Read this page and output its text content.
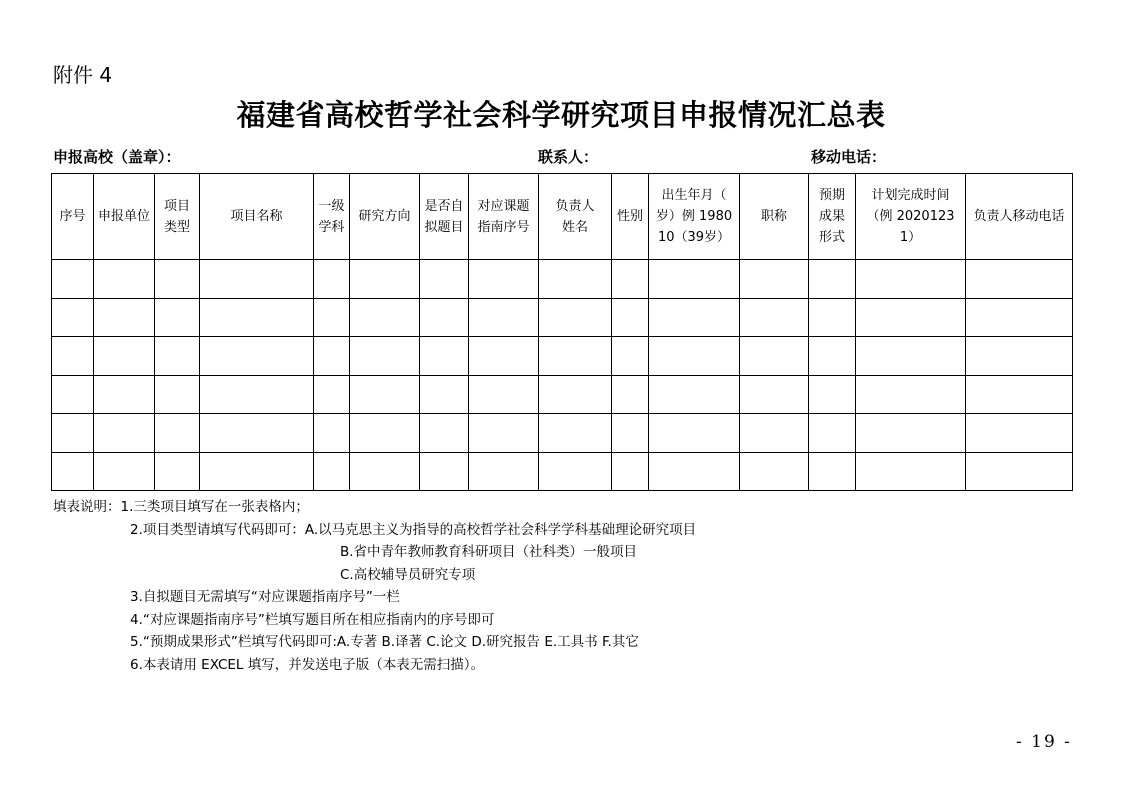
附件 4
福建省高校哲学社会科学研究项目申报情况汇总表
申报高校（盖章）：	联系人：	移动电话：
序号	申报单位	项目类型	项目名称	一级学科	研究方向	是否自拟题目	对应课题指南序号	负责人姓名	性别	出生年月（ 岁）例 198010（39岁）	职称	预期成果形式	计划完成时间（例 20201231）	负责人移动电话

填表说明：1.三类项目填写在一张表格内；
2.项目类型请填写代码即可：A.以马克思主义为指导的高校哲学社会科学学科基础理论研究项目
B.省中青年教师教育科研项目（社科类）一般项目
C.高校辅导员研究专项
3.自拟题目无需填写“对应课题指南序号”一栏
4.“对应课题指南序号”栏填写题目所在相应指南内的序号即可
5.“预期成果形式”栏填写代码即可:A.专著 B.译著 C.论文 D.研究报告 E.工具书 F.其它
6.本表请用 EXCEL 填写，并发送电子版（本表无需扫描）。
- 19 -
